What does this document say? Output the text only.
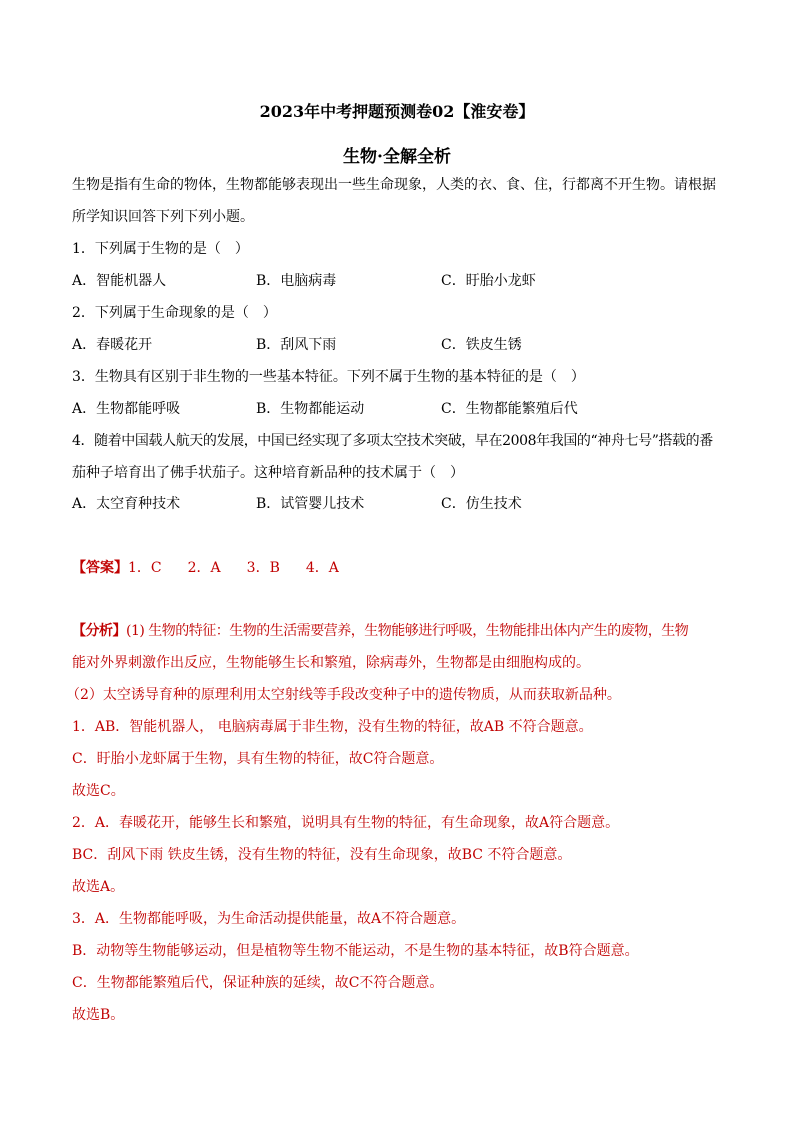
2023年中考押题预测卷02【淮安卷】
生物·全解全析
生物是指有生命的物体，生物都能够表现出一些生命现象，人类的衣、食、住，行都离不开生物。请根据
所学知识回答下列下列小题。
1．下列属于生物的是（　）
A．智能机器人	B．电脑病毒	C．盱胎小龙虾
2．下列属于生命现象的是（　）
A．春暖花开	B．刮风下雨	C．铁皮生锈
3．生物具有区别于非生物的一些基本特征。下列不属于生物的基本特征的是（　）
A．生物都能呼吸	B．生物都能运动	C．生物都能繁殖后代
4．随着中国载人航天的发展，中国已经实现了多项太空技术突破，早在2008年我国的“神舟七号”搭载的番
茄种子培育出了佛手状茄子。这种培育新品种的技术属于（　）
A．太空育种技术	B．试管婴儿技术	C．仿生技术
【答案】1．C 2．A 3．B 4．A
【分析】(1) 生物的特征：生物的生活需要营养，生物能够进行呼吸，生物能排出体内产生的废物，生物
能对外界刺激作出反应，生物能够生长和繁殖，除病毒外，生物都是由细胞构成的。
（2）太空诱导育种的原理利用太空射线等手段改变种子中的遗传物质，从而获取新品种。
1．AB．智能机器人， 电脑病毒属于非生物，没有生物的特征，故AB 不符合题意。
C．盱胎小龙虾属于生物，具有生物的特征，故C符合题意。
故选C。
2．A．春暖花开，能够生长和繁殖，说明具有生物的特征，有生命现象，故A符合题意。
BC．刮风下雨 铁皮生锈，没有生物的特征，没有生命现象，故BC 不符合题意。
故选A。
3．A．生物都能呼吸，为生命活动提供能量，故A不符合题意。
B．动物等生物能够运动，但是植物等生物不能运动，不是生物的基本特征，故B符合题意。
C．生物都能繁殖后代，保证种族的延续，故C不符合题意。
故选B。
